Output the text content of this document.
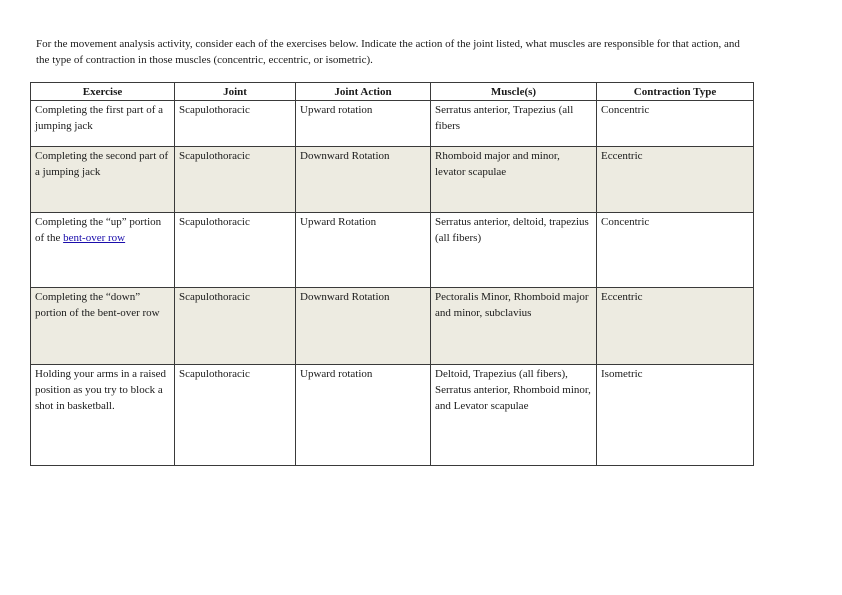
For the movement analysis activity, consider each of the exercises below. Indicate the action of the joint listed, what muscles are responsible for that action, and the type of contraction in those muscles (concentric, eccentric, or isometric).

Exercise	Joint	Joint Action	Muscle(s)	Contraction Type
Completing the first part of a jumping jack	Scapulothoracic	Upward rotation	Serratus anterior, Trapezius (all fibers	Concentric
Completing the second part of a jumping jack	Scapulothoracic	Downward Rotation	Rhomboid major and minor, levator scapulae	Eccentric
Completing the “up” portion of the bent-over row	Scapulothoracic	Upward Rotation	Serratus anterior, deltoid, trapezius (all fibers)	Concentric
Completing the “down” portion of the bent-over row	Scapulothoracic	Downward Rotation	Pectoralis Minor, Rhomboid major and minor, subclavius	Eccentric
Holding your arms in a raised position as you try to block a shot in basketball.	Scapulothoracic	Upward rotation	Deltoid, Trapezius (all fibers), Serratus anterior, Rhomboid minor, and Levator scapulae	Isometric
